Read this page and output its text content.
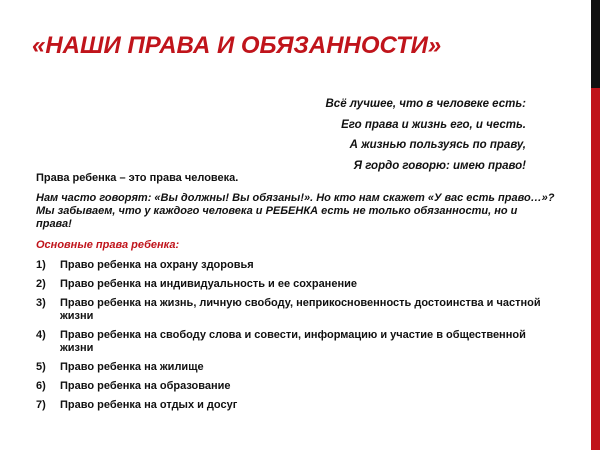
«НАШИ ПРАВА И ОБЯЗАННОСТИ»
Всё лучшее, что в человеке есть:
Его права и жизнь его, и честь.
А жизнью пользуясь по праву,
Я гордо говорю: имею право!

Права ребенка – это права человека.

Нам часто говорят: «Вы должны! Вы обязаны!». Но кто нам скажет «У вас есть право…»? Мы забываем, что у каждого человека и РЕБЕНКА есть не только обязанности, но и права!

Основные права ребенка:

1) Право ребенка на охрану здоровья
2) Право ребенка на индивидуальность и ее сохранение
3) Право ребенка на жизнь, личную свободу, неприкосновенность достоинства и частной жизни
4) Право ребенка на свободу слова и совести, информацию и участие в общественной жизни
5) Право ребенка на жилище
6) Право ребенка на образование
7) Право ребенка на отдых и досуг
